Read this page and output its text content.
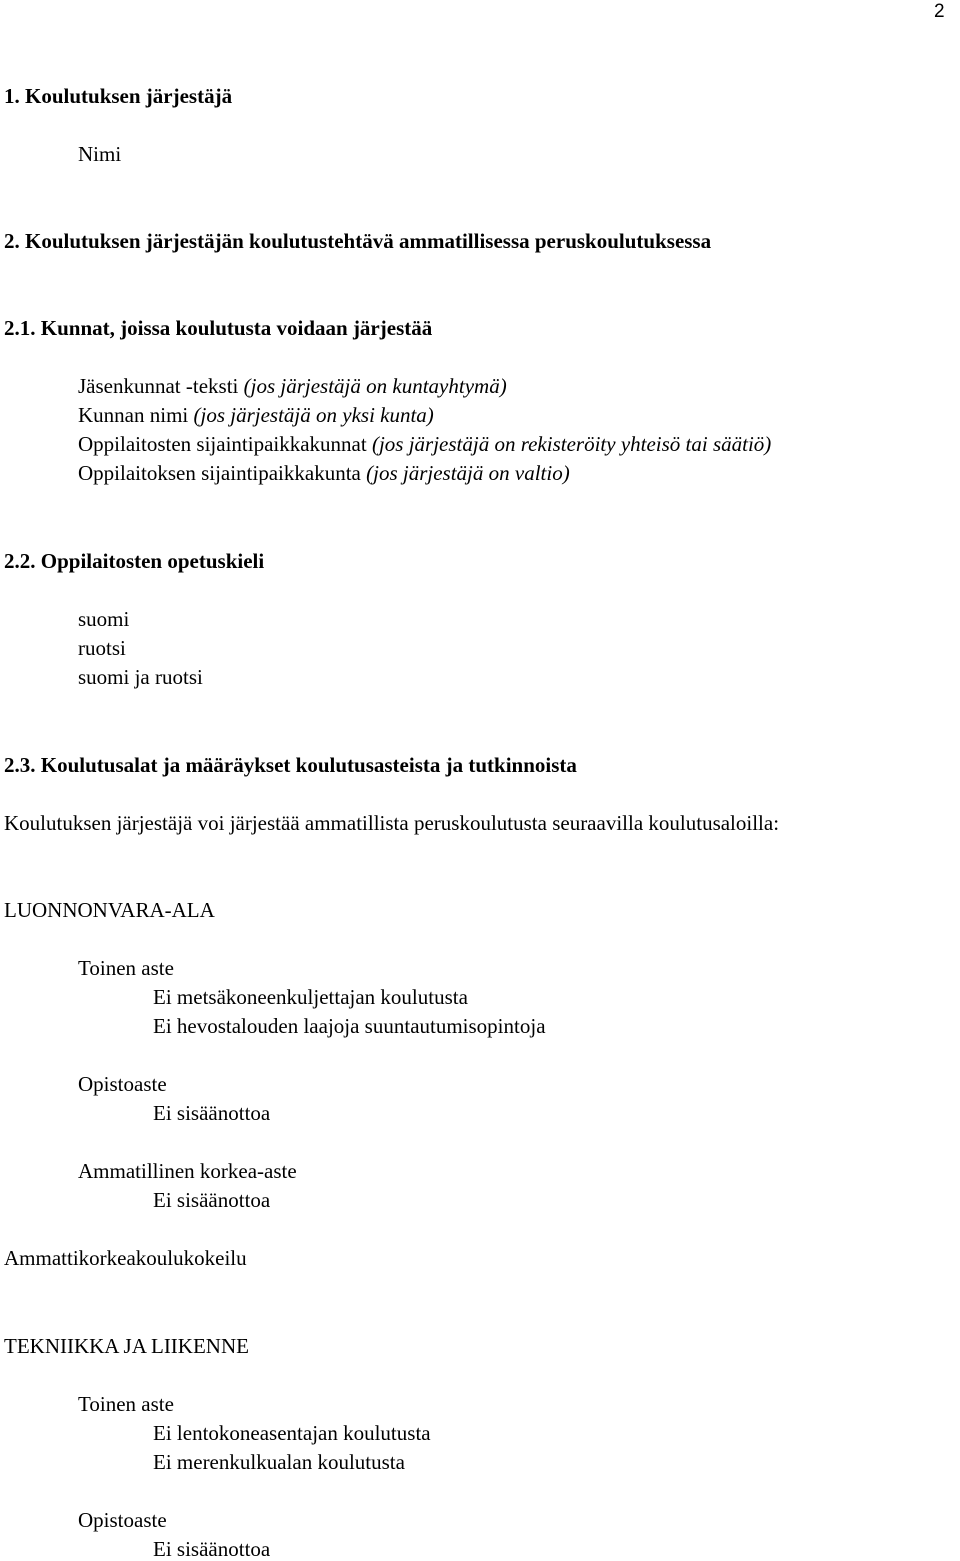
2
1. Koulutuksen järjestäjä
Nimi
2. Koulutuksen järjestäjän koulutustehtävä ammatillisessa peruskoulutuksessa
2.1. Kunnat, joissa koulutusta voidaan järjestää
Jäsenkunnat -teksti (jos järjestäjä on kuntayhtymä)
Kunnan nimi (jos järjestäjä on yksi kunta)
Oppilaitosten sijaintipaikkakunnat (jos järjestäjä on rekisteröity yhteisö tai säätiö)
Oppilaitoksen sijaintipaikkakunta (jos järjestäjä on valtio)
2.2. Oppilaitosten opetuskieli
suomi
ruotsi
suomi ja ruotsi
2.3. Koulutusalat ja määräykset koulutusasteista ja tutkinnoista
Koulutuksen järjestäjä voi järjestää ammatillista peruskoulutusta seuraavilla koulutusaloilla:
LUONNONVARA-ALA
Toinen aste
Ei metsäkoneenkuljettajan koulutusta
Ei hevostalouden laajoja suuntautumisopintoja
Opistoaste
Ei sisäänottoa
Ammatillinen korkea-aste
Ei sisäänottoa
Ammattikorkeakoulukokeilu
TEKNIIKKA JA LIIKENNE
Toinen aste
Ei lentokoneasentajan koulutusta
Ei merenkulkualan koulutusta
Opistoaste
Ei sisäänottoa
